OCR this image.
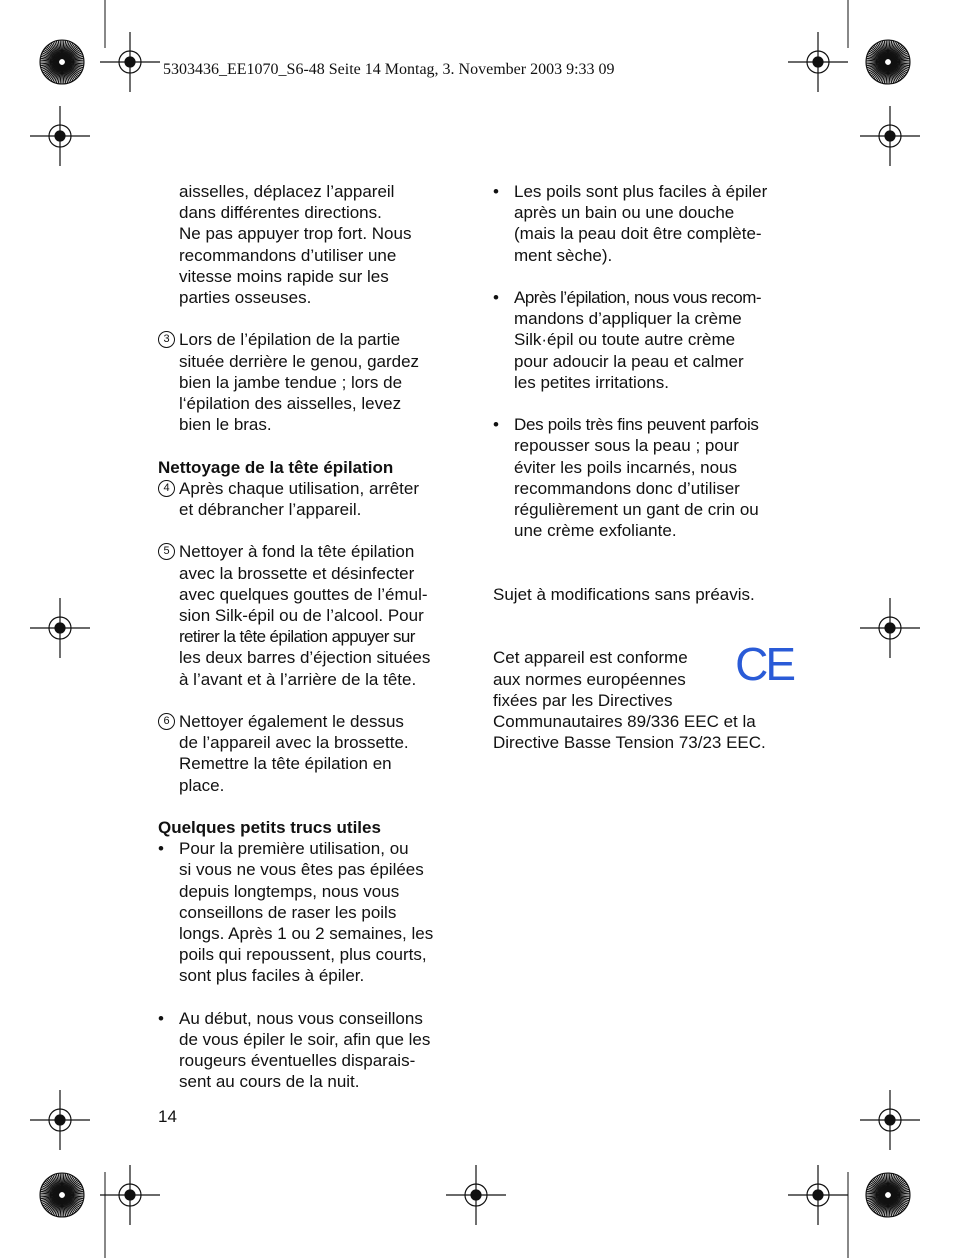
5303436_EE1070_S6-48 Seite 14 Montag, 3. November 2003 9:33 09
aisselles, déplacez l’appareil
dans différentes directions.
Ne pas appuyer trop fort. Nous
recommandons d’utiliser une
vitesse moins rapide sur les
parties osseuses.
3 Lors de l’épilation de la partie
située derrière le genou, gardez
bien la jambe tendue ; lors de
l‘épilation des aisselles, levez
bien le bras.
Nettoyage de la tête épilation
4 Après chaque utilisation, arrêter
et débrancher l’appareil.
5 Nettoyer à fond la tête épilation
avec la brossette et désinfecter
avec quelques gouttes de l’émul-
sion Silk-épil ou de l’alcool. Pour
retirer la tête épilation appuyer sur
les deux barres d’éjection situées
à l’avant et à l’arrière de la tête.
6 Nettoyer également le dessus
de l’appareil avec la brossette.
Remettre la tête épilation en
place.
Quelques petits trucs utiles
• Pour la première utilisation, ou
si vous ne vous êtes pas épilées
depuis longtemps, nous vous
conseillons de raser les poils
longs. Après 1 ou 2 semaines, les
poils qui repoussent, plus courts,
sont plus faciles à épiler.
• Au début, nous vous conseillons
de vous épiler le soir, afin que les
rougeurs éventuelles disparais-
sent au cours de la nuit.
14
• Les poils sont plus faciles à épiler
après un bain ou une douche
(mais la peau doit être complète-
ment sèche).
• Après l’épilation, nous vous recom-
mandons d’appliquer la crème
Silk·épil ou toute autre crème
pour adoucir la peau et calmer
les petites irritations.
• Des poils très fins peuvent parfois
repousser sous la peau ; pour
éviter les poils incarnés, nous
recommandons donc d’utiliser
régulièrement un gant de crin ou
une crème exfoliante.
Sujet à modifications sans préavis.
CE
Cet appareil est conforme
aux normes européennes
fixées par les Directives
Communautaires 89/336 EEC et la
Directive Basse Tension 73/23 EEC.
